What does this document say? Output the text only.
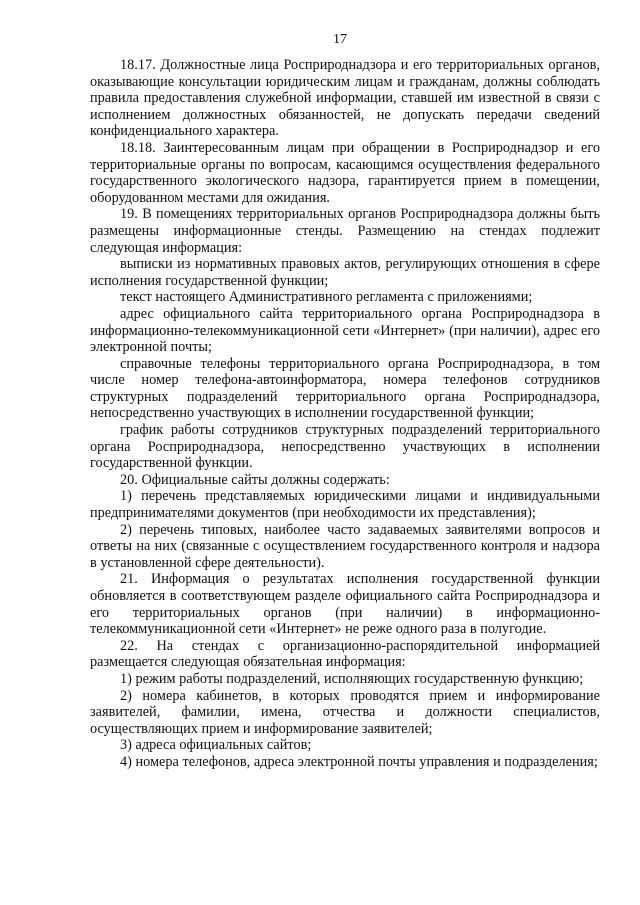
17

18.17. Должностные лица Росприроднадзора и его территориальных органов, оказывающие консультации юридическим лицам и гражданам, должны соблюдать правила предоставления служебной информации, ставшей им известной в связи с исполнением должностных обязанностей, не допускать передачи сведений конфиденциального характера.

18.18. Заинтересованным лицам при обращении в Росприроднадзор и его территориальные органы по вопросам, касающимся осуществления федерального государственного экологического надзора, гарантируется прием в помещении, оборудованном местами для ожидания.

19. В помещениях территориальных органов Росприроднадзора должны быть размещены информационные стенды. Размещению на стендах подлежит следующая информация:

выписки из нормативных правовых актов, регулирующих отношения в сфере исполнения государственной функции;

текст настоящего Административного регламента с приложениями;

адрес официального сайта территориального органа Росприроднадзора в информационно-телекоммуникационной сети «Интернет» (при наличии), адрес его электронной почты;

справочные телефоны территориального органа Росприроднадзора, в том числе номер телефона-автоинформатора, номера телефонов сотрудников структурных подразделений территориального органа Росприроднадзора, непосредственно участвующих в исполнении государственной функции;

график работы сотрудников структурных подразделений территориального органа Росприроднадзора, непосредственно участвующих в исполнении государственной функции.

20. Официальные сайты должны содержать:

1) перечень представляемых юридическими лицами и индивидуальными предпринимателями документов (при необходимости их представления);

2) перечень типовых, наиболее часто задаваемых заявителями вопросов и ответы на них (связанные с осуществлением государственного контроля и надзора в установленной сфере деятельности).

21. Информация о результатах исполнения государственной функции обновляется в соответствующем разделе официального сайта Росприроднадзора и его территориальных органов (при наличии) в информационно-телекоммуникационной сети «Интернет» не реже одного раза в полугодие.

22. На стендах с организационно-распорядительной информацией размещается следующая обязательная информация:

1) режим работы подразделений, исполняющих государственную функцию;

2) номера кабинетов, в которых проводятся прием и информирование заявителей, фамилии, имена, отчества и должности специалистов, осуществляющих прием и информирование заявителей;

3) адреса официальных сайтов;

4) номера телефонов, адреса электронной почты управления и подразделения;
